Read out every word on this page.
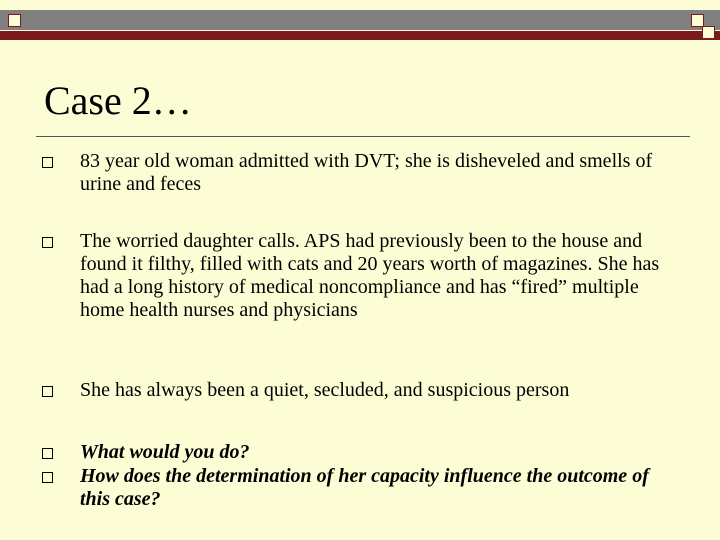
Case 2…
83 year old woman admitted with DVT; she is disheveled and smells of urine and feces
The worried daughter calls. APS had previously been to the house and found it filthy, filled with cats and 20 years worth of magazines. She has had a long history of medical noncompliance and has “fired” multiple home health nurses and physicians
She has always been a quiet, secluded, and suspicious person
What would you do?
How does the determination of her capacity influence the outcome of this case?
